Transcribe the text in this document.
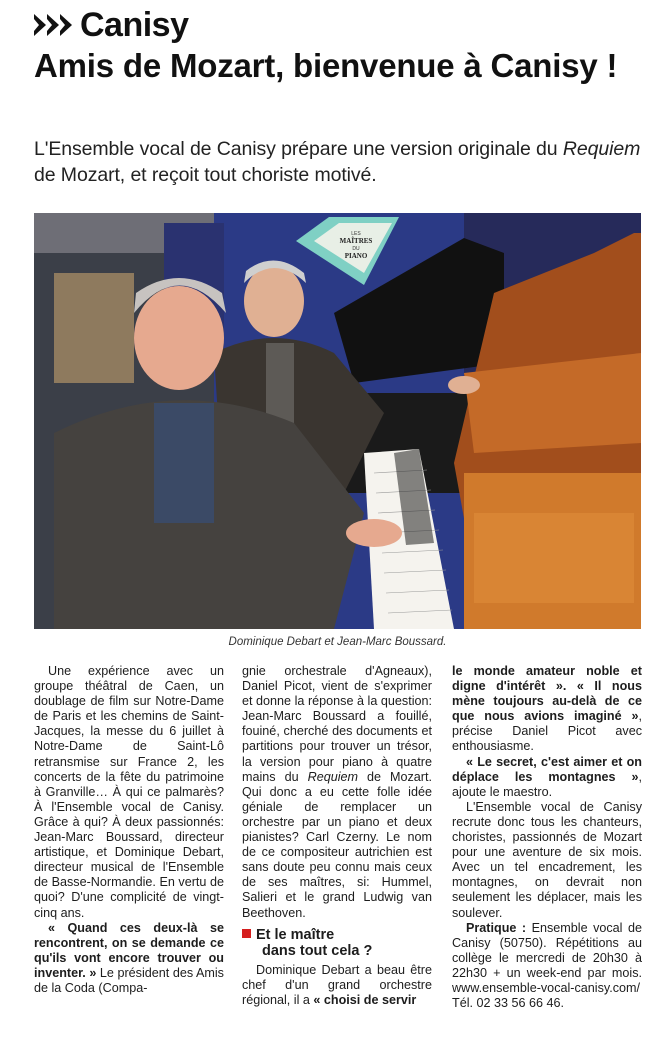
Canisy
Amis de Mozart, bienvenue à Canisy !

L'Ensemble vocal de Canisy prépare une version originale du Requiem de Mozart, et reçoit tout choriste motivé.

LES
MAÎTRES
DU
PIANO
Dominique Debart et Jean-Marc Boussard.

Une expérience avec un groupe théâtral de Caen, un doublage de film sur Notre-Dame de Paris et les chemins de Saint-Jacques, la messe du 6 juillet à Notre-Dame de Saint-Lô retransmise sur France 2, les concerts de la fête du patrimoine à Granville… À qui ce palmarès? À l'Ensemble vocal de Canisy. Grâce à qui? À deux passionnés: Jean-Marc Boussard, directeur artistique, et Dominique Debart, directeur musical de l'Ensemble de Basse-Normandie. En vertu de quoi? D'une complicité de vingt-cinq ans.

« Quand ces deux-là se rencontrent, on se demande ce qu'ils vont encore trouver ou inventer. » Le président des Amis de la Coda (Compa-

gnie orchestrale d'Agneaux), Daniel Picot, vient de s'exprimer et donne la réponse à la question: Jean-Marc Boussard a fouillé, fouiné, cherché des documents et partitions pour trouver un trésor, la version pour piano à quatre mains du Requiem de Mozart. Qui donc a eu cette folle idée géniale de remplacer un orchestre par un piano et deux pianistes? Carl Czerny. Le nom de ce compositeur autrichien est sans doute peu connu mais ceux de ses maîtres, si: Hummel, Salieri et le grand Ludwig van Beethoven.

Et le maître
dans tout cela ?

Dominique Debart a beau être chef d'un grand orchestre régional, il a « choisi de servir

le monde amateur noble et digne d'intérêt ». « Il nous mène toujours au-delà de ce que nous avions imaginé », précise Daniel Picot avec enthousiasme.

« Le secret, c'est aimer et on déplace les montagnes », ajoute le maestro.

L'Ensemble vocal de Canisy recrute donc tous les chanteurs, choristes, passionnés de Mozart pour une aventure de six mois. Avec un tel encadrement, les montagnes, on devrait non seulement les déplacer, mais les soulever.

Pratique : Ensemble vocal de Canisy (50750). Répétitions au collège le mercredi de 20h30 à 22h30 + un week-end par mois. www.ensemble-vocal-canisy.com/ Tél. 02 33 56 66 46.
